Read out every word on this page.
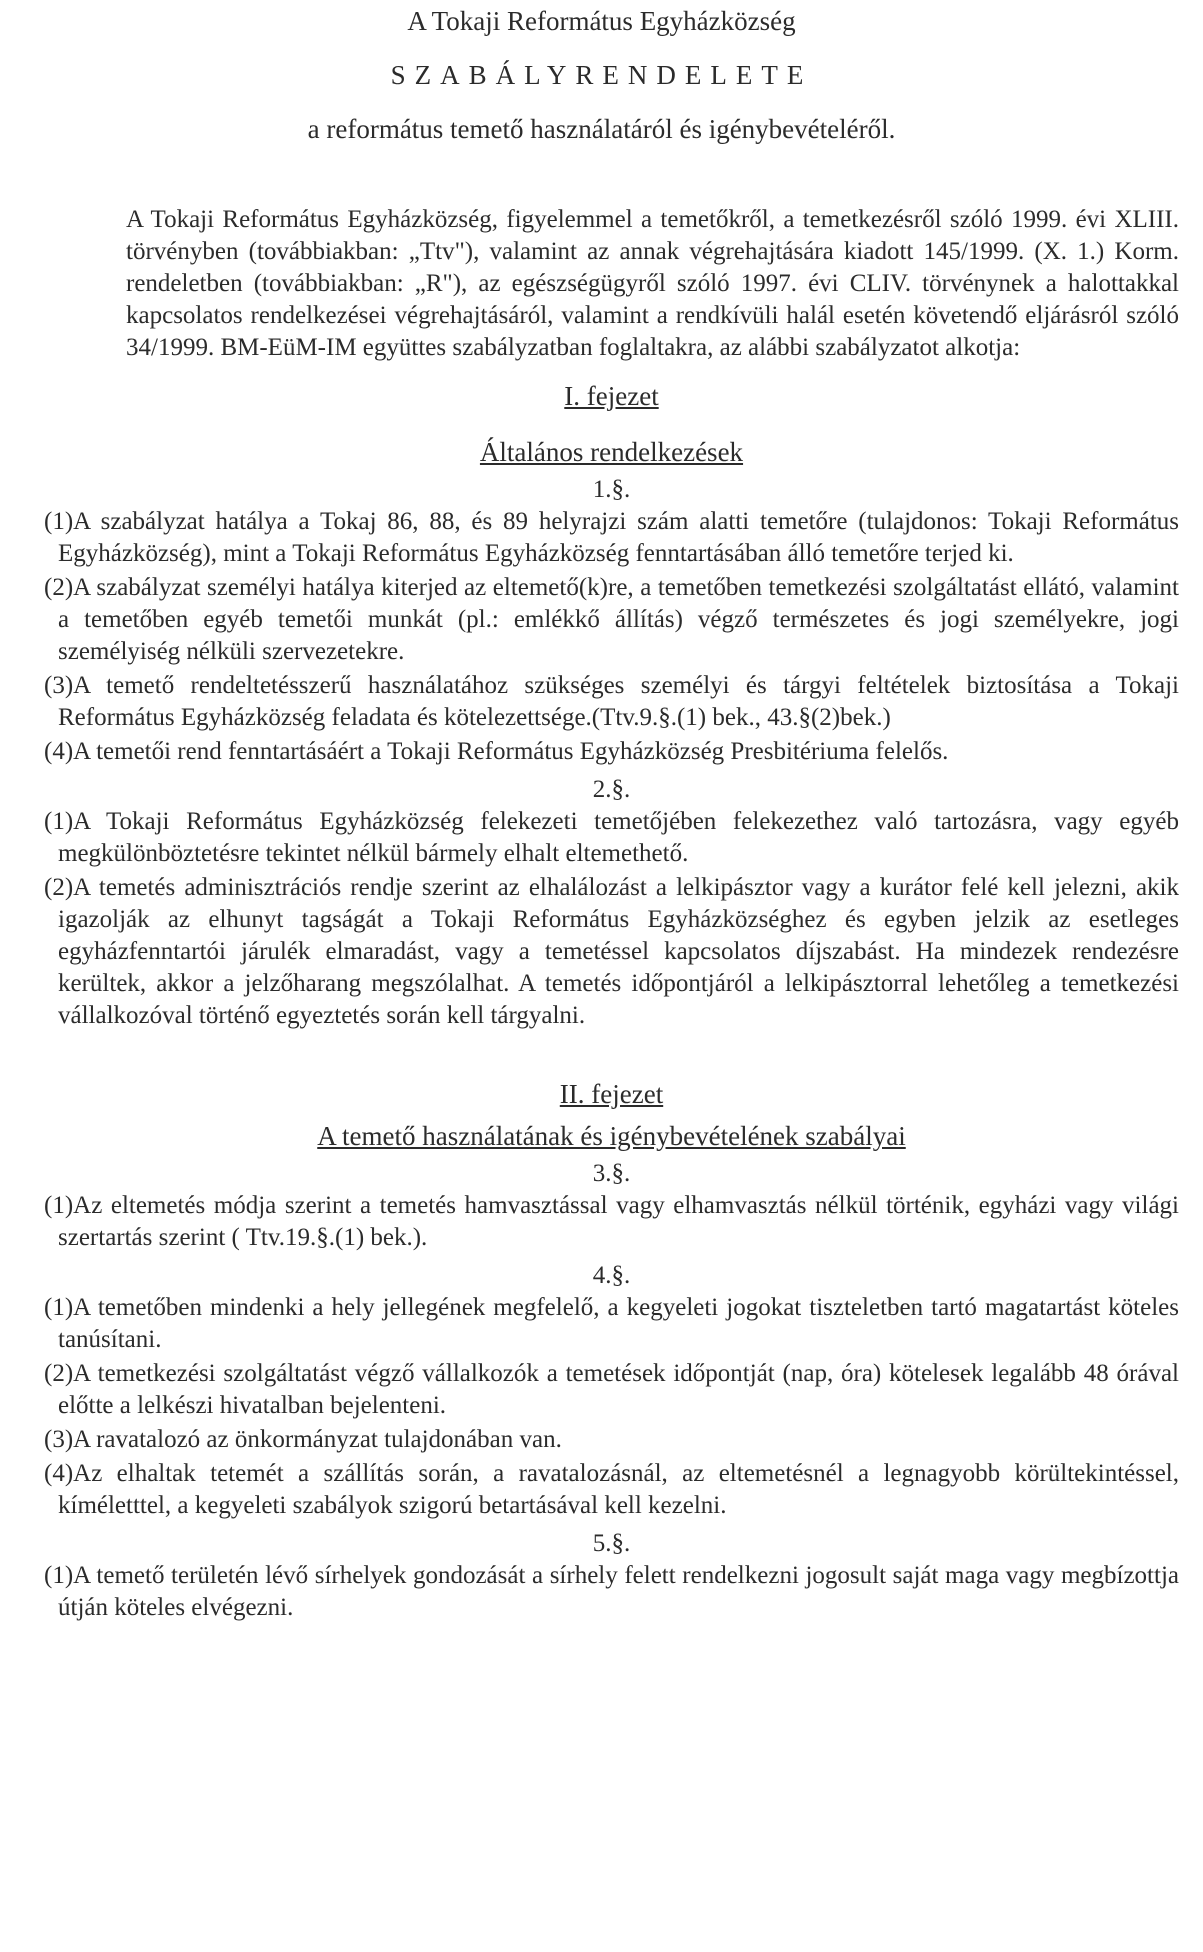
A Tokaji Református Egyházközség

SZABÁLYRENDELETE

a református temető használatáról és igénybevételéről.

A Tokaji Református Egyházközség, figyelemmel a temetőkről, a temetkezésről szóló 1999. évi XLIII. törvényben (továbbiakban: „Ttv"), valamint az annak végrehajtására kiadott 145/1999. (X. 1.) Korm. rendeletben (továbbiakban: „R"), az egészségügyről szóló 1997. évi CLIV. törvénynek a halottakkal kapcsolatos rendelkezései végrehajtásáról, valamint a rendkívüli halál esetén követendő eljárásról szóló 34/1999. BM-EüM-IM együttes szabályzatban foglaltakra, az alábbi szabályzatot alkotja:

I. fejezet

Általános rendelkezések

1.§.

(1)A szabályzat hatálya a Tokaj 86, 88, és 89 helyrajzi szám alatti temetőre (tulajdonos: Tokaji Református Egyházközség), mint a Tokaji Református Egyházközség fenntartásában álló temetőre terjed ki.

(2)A szabályzat személyi hatálya kiterjed az eltemető(k)re, a temetőben temetkezési szolgáltatást ellátó, valamint a temetőben egyéb temetői munkát (pl.: emlékkő állítás) végző természetes és jogi személyekre, jogi személyiség nélküli szervezetekre.

(3)A temető rendeltetésszerű használatához szükséges személyi és tárgyi feltételek biztosítása a Tokaji Református Egyházközség feladata és kötelezettsége.(Ttv.9.§.(1) bek., 43.§(2)bek.)

(4)A temetői rend fenntartásáért a Tokaji Református Egyházközség Presbitériuma felelős.

2.§.

(1)A Tokaji Református Egyházközség felekezeti temetőjében felekezethez való tartozásra, vagy egyéb megkülönböztetésre tekintet nélkül bármely elhalt eltemethető.

(2)A temetés adminisztrációs rendje szerint az elhalálozást a lelkipásztor vagy a kurátor felé kell jelezni, akik igazolják az elhunyt tagságát a Tokaji Református Egyházközséghez és egyben jelzik az esetleges egyházfenntartói járulék elmaradást, vagy a temetéssel kapcsolatos díjszabást. Ha mindezek rendezésre kerültek, akkor a jelzőharang megszólalhat. A temetés időpontjáról a lelkipásztorral lehetőleg a temetkezési vállalkozóval történő egyeztetés során kell tárgyalni.

II. fejezet

A temető használatának és igénybevételének szabályai

3.§.

(1)Az eltemetés módja szerint a temetés hamvasztással vagy elhamvasztás nélkül történik, egyházi vagy világi szertartás szerint ( Ttv.19.§.(1) bek.).

4.§.

(1)A temetőben mindenki a hely jellegének megfelelő, a kegyeleti jogokat tiszteletben tartó magatartást köteles tanúsítani.

(2)A temetkezési szolgáltatást végző vállalkozók a temetések időpontját (nap, óra) kötelesek legalább 48 órával előtte a lelkészi hivatalban bejelenteni.

(3)A ravatalozó az önkormányzat tulajdonában van.

(4)Az elhaltak tetemét a szállítás során, a ravatalozásnál, az eltemetésnél a legnagyobb körültekintéssel, kíméletttel, a kegyeleti szabályok szigorú betartásával kell kezelni.

5.§.

(1)A temető területén lévő sírhelyek gondozását a sírhely felett rendelkezni jogosult saját maga vagy megbízottja útján köteles elvégezni.
